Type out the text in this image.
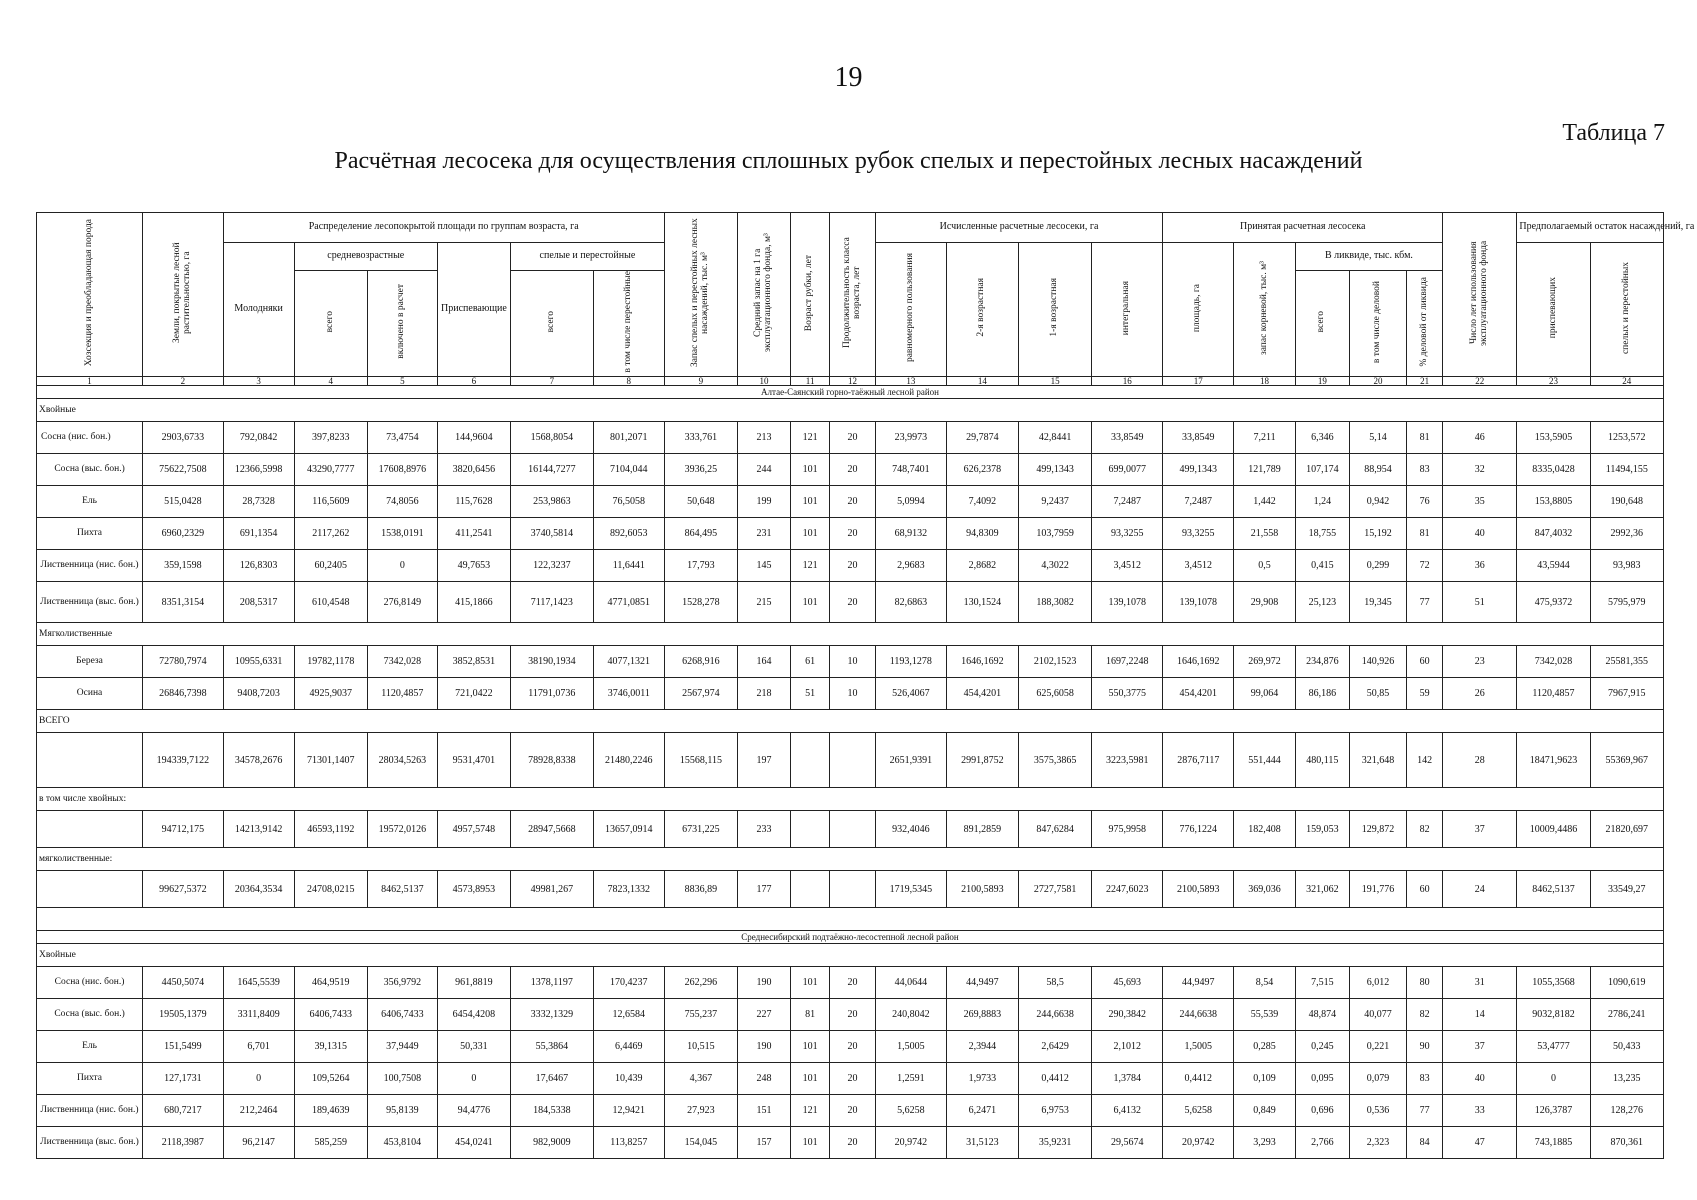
19
Таблица 7
Расчётная лесосека для осуществления сплошных рубок спелых и перестойных лесных насаждений
Хозсекция и преобладающая порода	Земли, покрытые лесной растительностью, га	Распределение лесопокрытой площади по группам возраста, га						Запас спелых и перестойных лесных насаждений, тыс. м³	Средний запас на 1 га эксплуатационного фонда, м³	Возраст рубки, лет	Продолжительность класса возраста, лет	Исчисленные расчетные лесосеки, га				Принятая расчетная лесосека					Число лет использования эксплуатационного фонда	Предполагаемый остаток насаждений, га	
		Молодняки	средневозрастные		Приспевающие	спелые и перестойные						равномерного пользования	2-я возрастная	1-я возрастная	интегральная	площадь, га	запас корневой, тыс. м³	В ликвиде, тыс. кбм.				приспевающих	спелых и перестойных
			всего	включено в расчет		всего	в том числе перестойные											всего	в том числе деловой	% деловой от ликвида			
1	2	3	4	5	6	7	8	9	10	11	12	13	14	15	16	17	18	19	20	21	22	23	24
Алтае-Саянский горно-таёжный лесной район																							
Хвойные																							
Сосна (нис. бон.)	2903,6733	792,0842	397,8233	73,4754	144,9604	1568,8054	801,2071	333,761	213	121	20	23,9973	29,7874	42,8441	33,8549	33,8549	7,211	6,346	5,14	81	46	153,5905	1253,572
Сосна (выс. бон.)	75622,7508	12366,5998	43290,7777	17608,8976	3820,6456	16144,7277	7104,044	3936,25	244	101	20	748,7401	626,2378	499,1343	699,0077	499,1343	121,789	107,174	88,954	83	32	8335,0428	11494,155
Ель	515,0428	28,7328	116,5609	74,8056	115,7628	253,9863	76,5058	50,648	199	101	20	5,0994	7,4092	9,2437	7,2487	7,2487	1,442	1,24	0,942	76	35	153,8805	190,648
Пихта	6960,2329	691,1354	2117,262	1538,0191	411,2541	3740,5814	892,6053	864,495	231	101	20	68,9132	94,8309	103,7959	93,3255	93,3255	21,558	18,755	15,192	81	40	847,4032	2992,36
Лиственница (нис. бон.)	359,1598	126,8303	60,2405	0	49,7653	122,3237	11,6441	17,793	145	121	20	2,9683	2,8682	4,3022	3,4512	3,4512	0,5	0,415	0,299	72	36	43,5944	93,983
Лиственница (выс. бон.)	8351,3154	208,5317	610,4548	276,8149	415,1866	7117,1423	4771,0851	1528,278	215	101	20	82,6863	130,1524	188,3082	139,1078	139,1078	29,908	25,123	19,345	77	51	475,9372	5795,979
Мягколиственные																							
Береза	72780,7974	10955,6331	19782,1178	7342,028	3852,8531	38190,1934	4077,1321	6268,916	164	61	10	1193,1278	1646,1692	2102,1523	1697,2248	1646,1692	269,972	234,876	140,926	60	23	7342,028	25581,355
Осина	26846,7398	9408,7203	4925,9037	1120,4857	721,0422	11791,0736	3746,0011	2567,974	218	51	10	526,4067	454,4201	625,6058	550,3775	454,4201	99,064	86,186	50,85	59	26	1120,4857	7967,915
ВСЕГО																							
	194339,7122	34578,2676	71301,1407	28034,5263	9531,4701	78928,8338	21480,2246	15568,115	197			2651,9391	2991,8752	3575,3865	3223,5981	2876,7117	551,444	480,115	321,648	142	28	18471,9623	55369,967
в том числе хвойных:																							
	94712,175	14213,9142	46593,1192	19572,0126	4957,5748	28947,5668	13657,0914	6731,225	233			932,4046	891,2859	847,6284	975,9958	776,1224	182,408	159,053	129,872	82	37	10009,4486	21820,697
мягколиственные:																							
	99627,5372	20364,3534	24708,0215	8462,5137	4573,8953	49981,267	7823,1332	8836,89	177			1719,5345	2100,5893	2727,7581	2247,6023	2100,5893	369,036	321,062	191,776	60	24	8462,5137	33549,27

Среднесибирский подтаёжно-лесостепной лесной район																							
Хвойные																							
Сосна (нис. бон.)	4450,5074	1645,5539	464,9519	356,9792	961,8819	1378,1197	170,4237	262,296	190	101	20	44,0644	44,9497	58,5	45,693	44,9497	8,54	7,515	6,012	80	31	1055,3568	1090,619
Сосна (выс. бон.)	19505,1379	3311,8409	6406,7433	6406,7433	6454,4208	3332,1329	12,6584	755,237	227	81	20	240,8042	269,8883	244,6638	290,3842	244,6638	55,539	48,874	40,077	82	14	9032,8182	2786,241
Ель	151,5499	6,701	39,1315	37,9449	50,331	55,3864	6,4469	10,515	190	101	20	1,5005	2,3944	2,6429	2,1012	1,5005	0,285	0,245	0,221	90	37	53,4777	50,433
Пихта	127,1731	0	109,5264	100,7508	0	17,6467	10,439	4,367	248	101	20	1,2591	1,9733	0,4412	1,3784	0,4412	0,109	0,095	0,079	83	40	0	13,235
Лиственница (нис. бон.)	680,7217	212,2464	189,4639	95,8139	94,4776	184,5338	12,9421	27,923	151	121	20	5,6258	6,2471	6,9753	6,4132	5,6258	0,849	0,696	0,536	77	33	126,3787	128,276
Лиственница (выс. бон.)	2118,3987	96,2147	585,259	453,8104	454,0241	982,9009	113,8257	154,045	157	101	20	20,9742	31,5123	35,9231	29,5674	20,9742	3,293	2,766	2,323	84	47	743,1885	870,361
